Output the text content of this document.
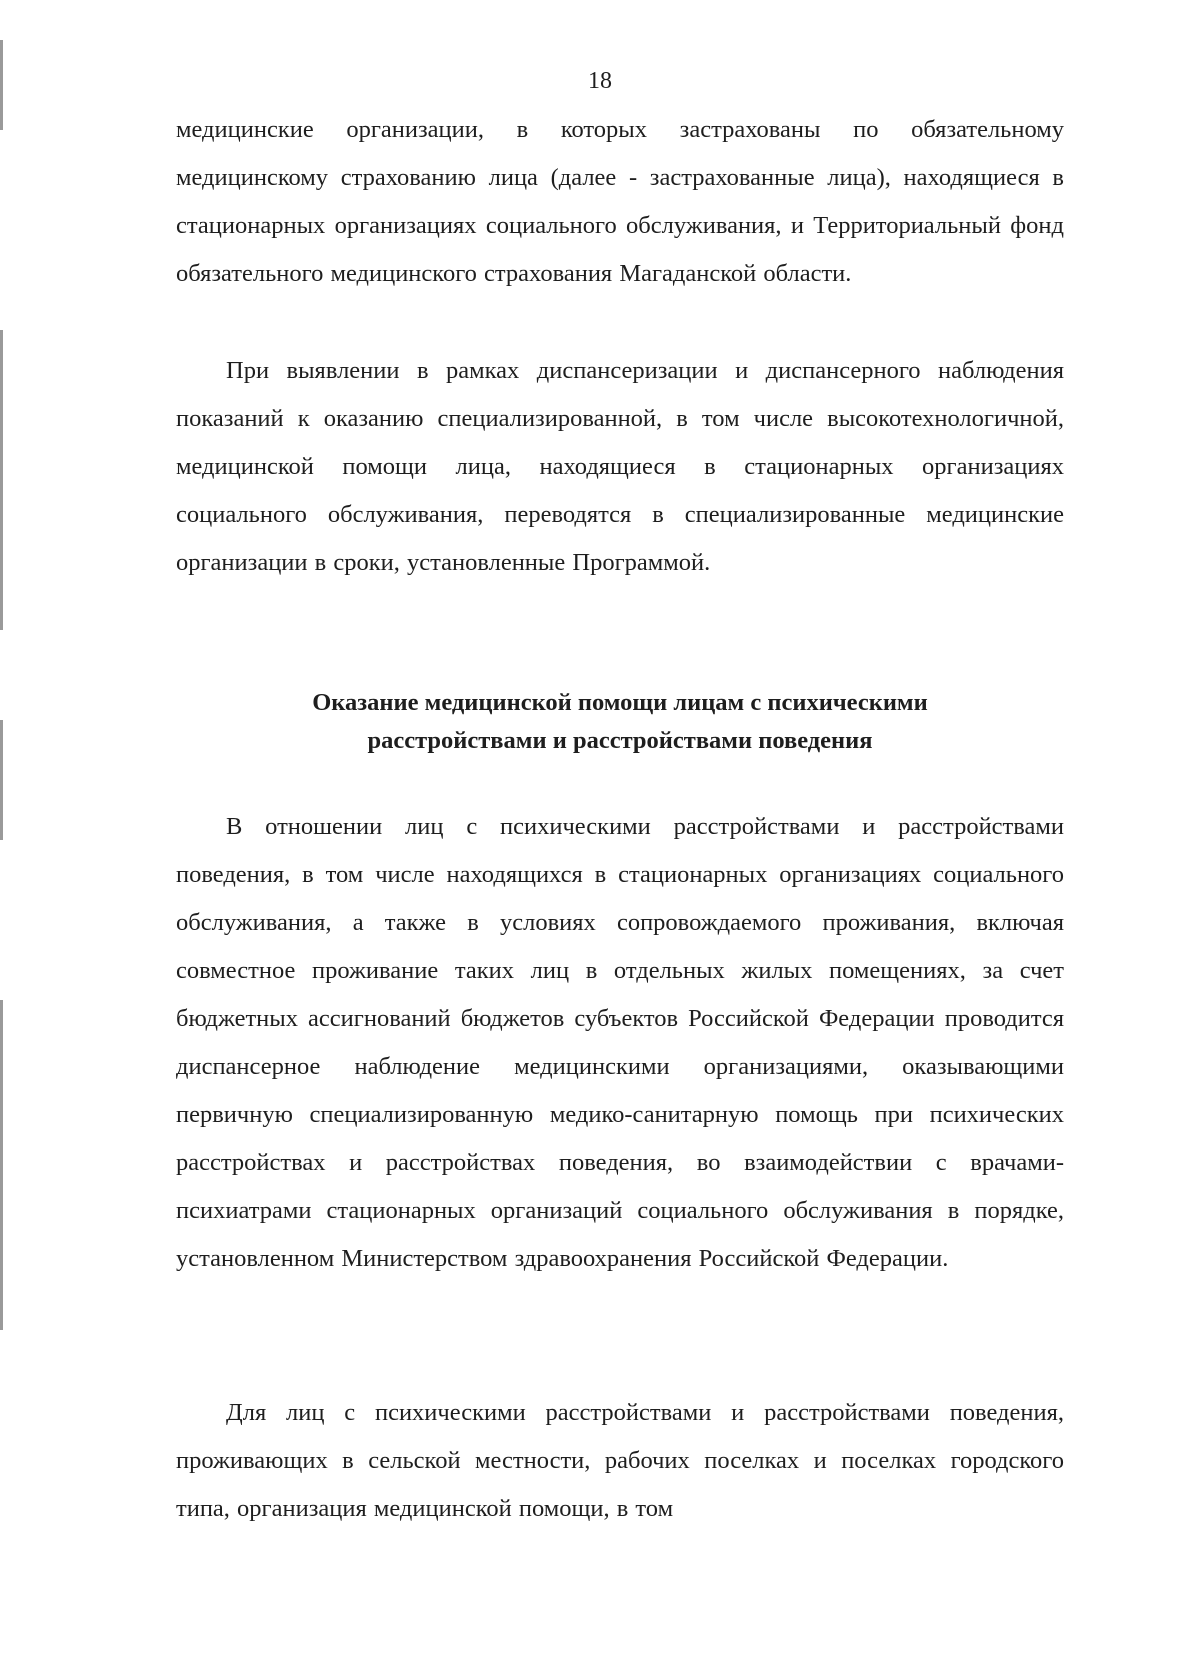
18

медицинские организации, в которых застрахованы по обязательному медицинскому страхованию лица (далее - застрахованные лица), находящиеся в стационарных организациях социального обслуживания, и Территориальный фонд обязательного медицинского страхования Магаданской области.

При выявлении в рамках диспансеризации и диспансерного наблюдения показаний к оказанию специализированной, в том числе высокотехнологичной, медицинской помощи лица, находящиеся в стационарных организациях социального обслуживания, переводятся в специализированные медицинские организации в сроки, установленные Программой.

Оказание медицинской помощи лицам с психическими

расстройствами и расстройствами поведения

В отношении лиц с психическими расстройствами и расстройствами поведения, в том числе находящихся в стационарных организациях социального обслуживания, а также в условиях сопровождаемого проживания, включая совместное проживание таких лиц в отдельных жилых помещениях, за счет бюджетных ассигнований бюджетов субъектов Российской Федерации проводится диспансерное наблюдение медицинскими организациями, оказывающими первичную специализированную медико-санитарную помощь при психических расстройствах и расстройствах поведения, во взаимодействии с врачами-психиатрами стационарных организаций социального обслуживания в порядке, установленном Министерством здравоохранения Российской Федерации.

Для лиц с психическими расстройствами и расстройствами поведения, проживающих в сельской местности, рабочих поселках и поселках городского типа, организация медицинской помощи, в том
